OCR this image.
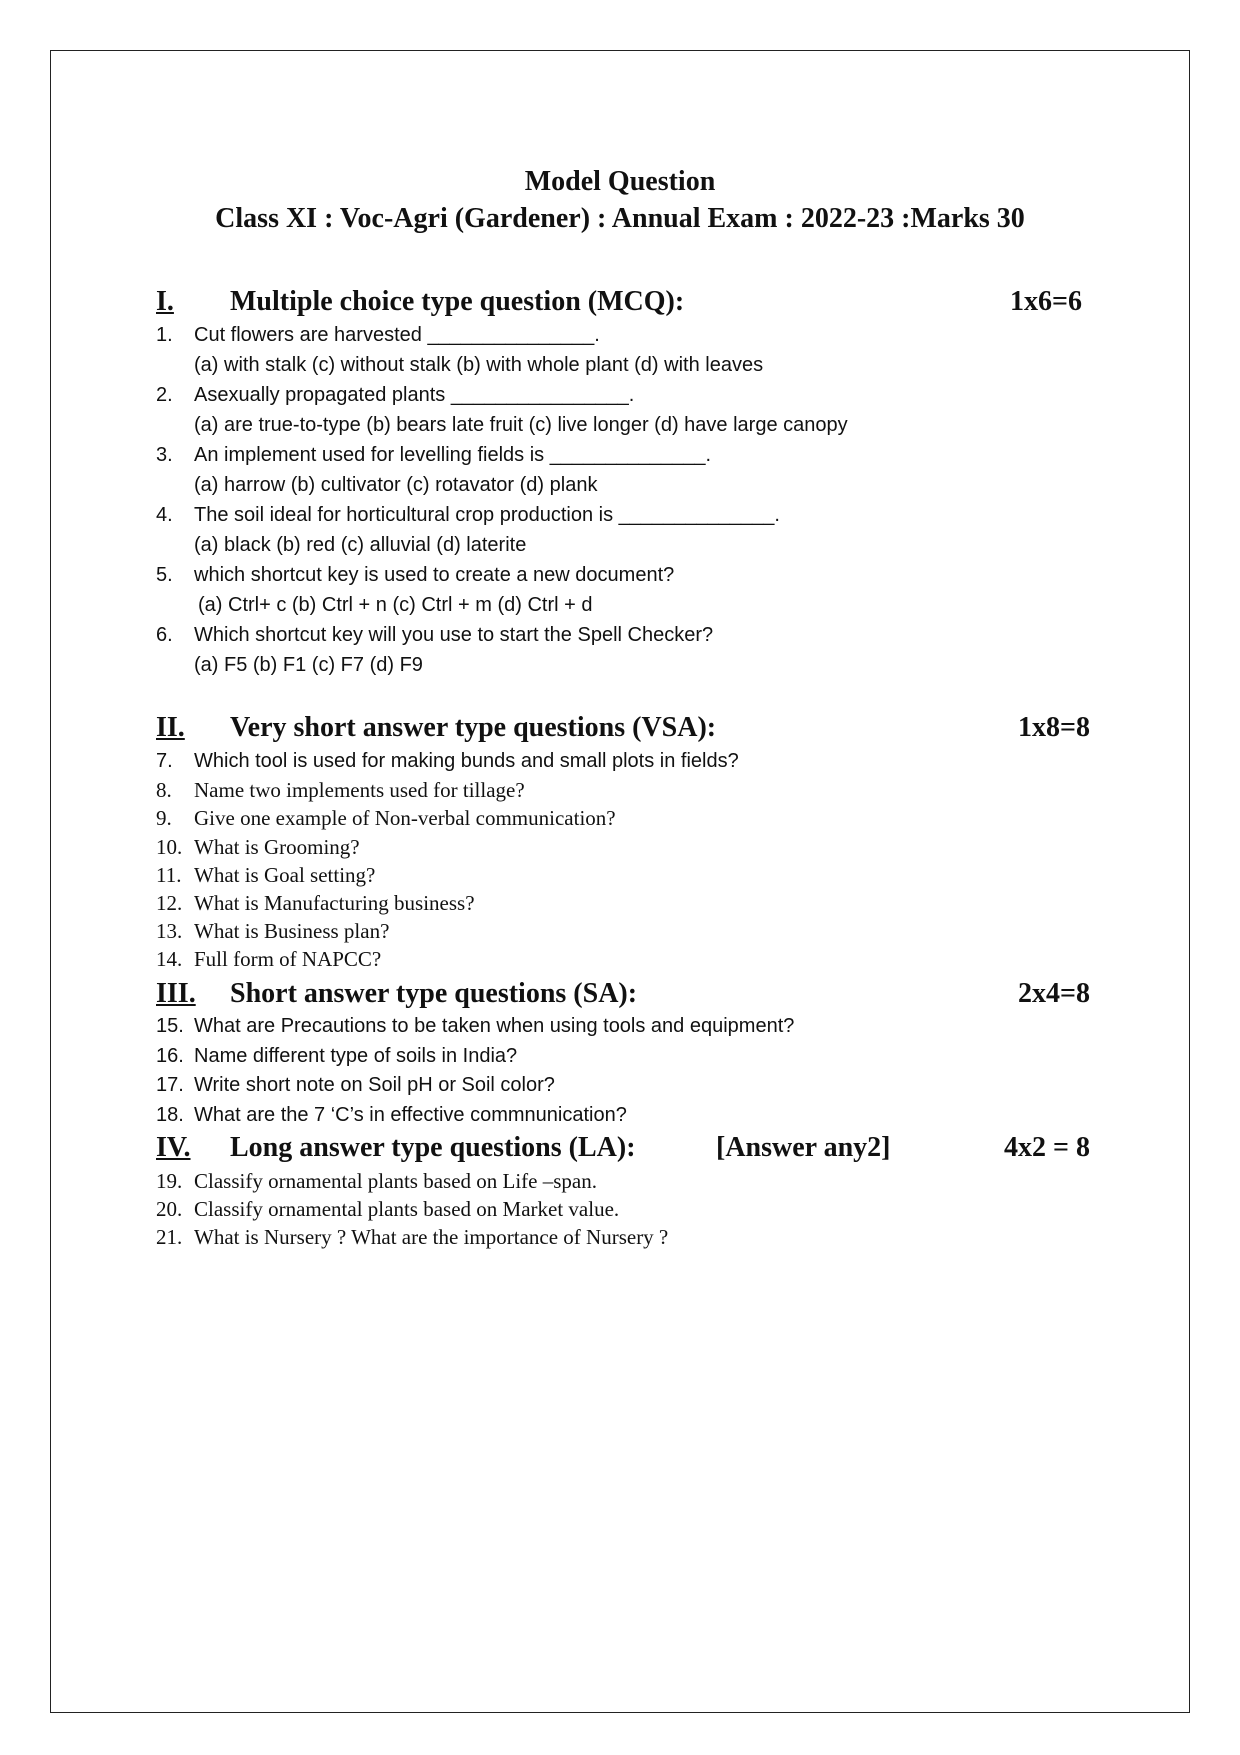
Model Question
Class XI : Voc-Agri (Gardener) : Annual Exam : 2022-23 :Marks 30
I. Multiple choice type question (MCQ):	1x6=6
1. Cut flowers are harvested _______________.
(a) with stalk (c) without stalk (b) with whole plant (d) with leaves
2. Asexually propagated plants ________________.
(a) are true-to-type (b) bears late fruit (c) live longer (d) have large canopy
3. An implement used for levelling fields is ______________.
(a) harrow (b) cultivator (c) rotavator (d) plank
4. The soil ideal for horticultural crop production is ______________.
(a) black (b) red (c) alluvial (d) laterite
5. which shortcut key is used to create a new document?
(a) Ctrl+ c (b) Ctrl + n (c) Ctrl + m (d) Ctrl + d
6. Which shortcut key will you use to start the Spell Checker?
(a) F5 (b) F1 (c) F7 (d) F9
II. Very short answer type questions (VSA):	1x8=8
7. Which tool is used for making bunds and small plots in fields?
8. Name two implements used for tillage?
9. Give one example of Non-verbal communication?
10. What is Grooming?
11. What is Goal setting?
12. What is Manufacturing business?
13. What is Business plan?
14. Full form of NAPCC?
III. Short answer type questions (SA):	2x4=8
15. What are Precautions to be taken when using tools and equipment?
16. Name different type of soils in India?
17. Write short note on Soil pH or Soil color?
18. What are the 7 ‘C’s in effective commnunication?
IV. Long answer type questions (LA):	[Answer any2]	4x2 = 8
19. Classify ornamental plants based on Life –span.
20. Classify ornamental plants based on Market value.
21. What is Nursery ? What are the importance of Nursery ?
